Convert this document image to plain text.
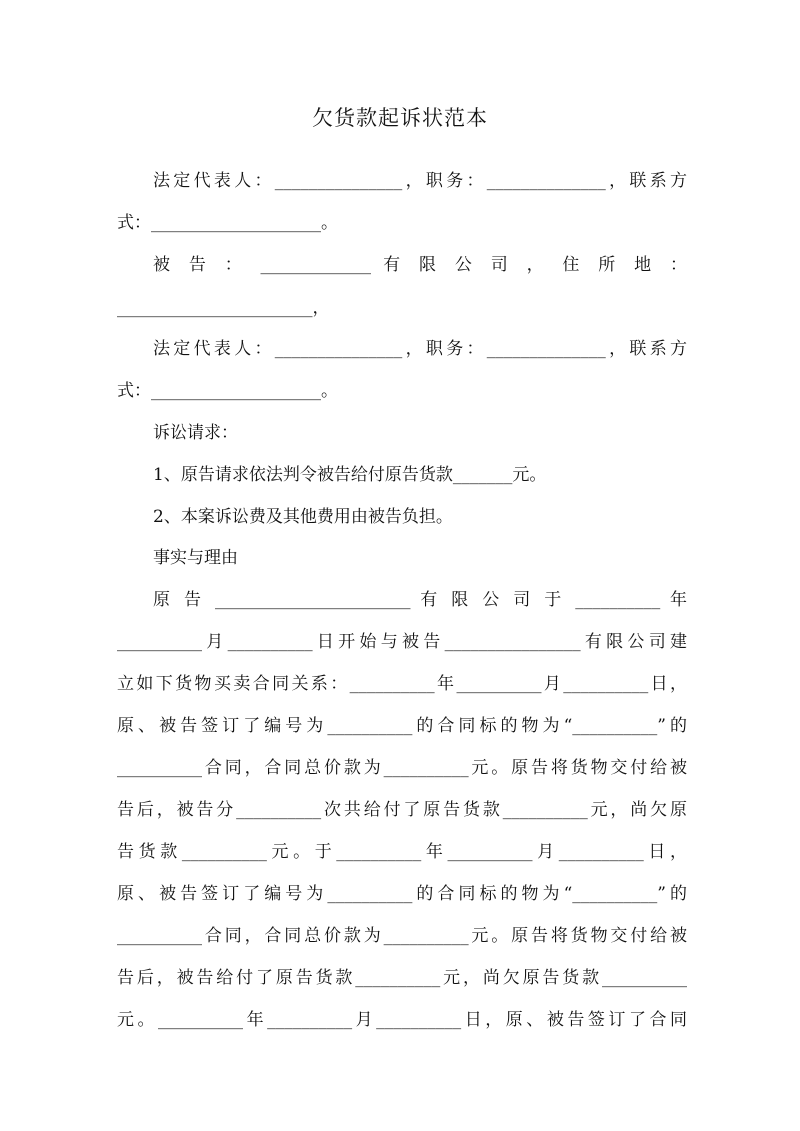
欠货款起诉状范本
法定代表人：_______________，职务：______________，联系方
式：____________________。
被 告 ： _____________ 有 限 公 司 ， 住 所 地 ：
_______________________，
法定代表人：_______________，职务：______________，联系方
式：____________________。
诉讼请求：
1、原告请求依法判令被告给付原告货款_______元。
2、本案诉讼费及其他费用由被告负担。
事实与理由
原 告 _______________________ 有 限 公 司 于 __________ 年
__________月__________日开始与被告________________有限公司建
立如下货物买卖合同关系：__________年__________月__________日，
原、被告签订了编号为__________的合同标的物为“__________”的
__________合同，合同总价款为__________元。原告将货物交付给被
告后，被告分__________次共给付了原告货款__________元，尚欠原
告货款__________元。于__________年__________月__________日，
原、被告签订了编号为__________的合同标的物为“__________”的
__________合同，合同总价款为__________元。原告将货物交付给被
告后，被告给付了原告货款__________元，尚欠原告货款__________
元。__________年__________月__________日，原、被告签订了合同
